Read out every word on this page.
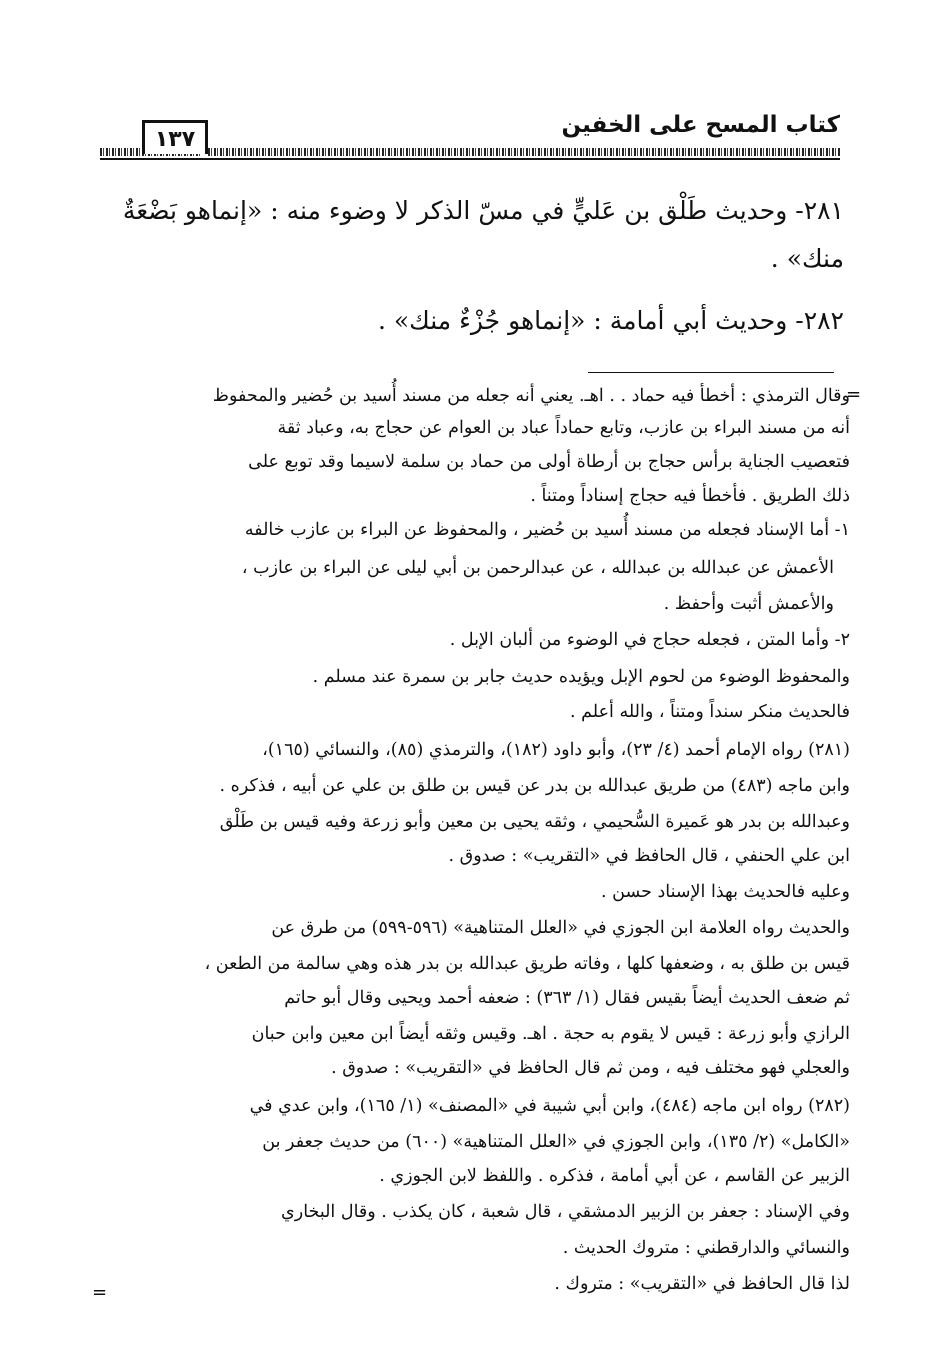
كتاب المسح على الخفين
١٣٧
٢٨١- وحديث طَلْق بن عَليٍّ في مسّ الذكر لا وضوء منه : «إنماهو بَضْعَةٌ
منك» .
٢٨٢- وحديث أبي أمامة : «إنماهو جُزْءٌ منك» .
=
=
وقال الترمذي : أخطأ فيه حماد . . اهـ. يعني أنه جعله من مسند أُسيد بن حُضير والمحفوظ
أنه من مسند البراء بن عازب، وتابع حماداً عباد بن العوام عن حجاج به، وعباد ثقة
فتعصيب الجناية برأس حجاج بن أرطاة أولى من حماد بن سلمة لاسيما وقد توبع على
ذلك الطريق . فأخطأ فيه حجاج إسناداً ومتناً .
١- أما الإسناد فجعله من مسند أُسيد بن حُضير ، والمحفوظ عن البراء بن عازب خالفه
الأعمش عن عبدالله بن عبدالله ، عن عبدالرحمن بن أبي ليلى عن البراء بن عازب ،
والأعمش أثبت وأحفظ .
٢- وأما المتن ، فجعله حجاج في الوضوء من ألبان الإبل .
والمحفوظ الوضوء من لحوم الإبل ويؤيده حديث جابر بن سمرة عند مسلم .
فالحديث منكر سنداً ومتناً ، والله أعلم .
(٢٨١) رواه الإمام أحمد (٤/ ٢٣)، وأبو داود (١٨٢)، والترمذي (٨٥)، والنسائي (١٦٥)،
وابن ماجه (٤٨٣) من طريق عبدالله بن بدر عن قيس بن طلق بن علي عن أبيه ، فذكره .
وعبدالله بن بدر هو عَميرة السُّحيمي ، وثقه يحيى بن معين وأبو زرعة وفيه قيس بن طَلْق
ابن علي الحنفي ، قال الحافظ في «التقريب» : صدوق .
وعليه فالحديث بهذا الإسناد حسن .
والحديث رواه العلامة ابن الجوزي في «العلل المتناهية» (٥٩٦-٥٩٩) من طرق عن
قيس بن طلق به ، وضعفها كلها ، وفاته طريق عبدالله بن بدر هذه وهي سالمة من الطعن ،
ثم ضعف الحديث أيضاً بقيس فقال (١/ ٣٦٣) : ضعفه أحمد ويحيى وقال أبو حاتم
الرازي وأبو زرعة : قيس لا يقوم به حجة . اهـ. وقيس وثقه أيضاً ابن معين وابن حبان
والعجلي فهو مختلف فيه ، ومن ثم قال الحافظ في «التقريب» : صدوق .
(٢٨٢) رواه ابن ماجه (٤٨٤)، وابن أبي شيبة في «المصنف» (١/ ١٦٥)، وابن عدي في
«الكامل» (٢/ ١٣٥)، وابن الجوزي في «العلل المتناهية» (٦٠٠) من حديث جعفر بن
الزبير عن القاسم ، عن أبي أمامة ، فذكره . واللفظ لابن الجوزي .
وفي الإسناد : جعفر بن الزبير الدمشقي ، قال شعبة ، كان يكذب . وقال البخاري
والنسائي والدارقطني : متروك الحديث .
لذا قال الحافظ في «التقريب» : متروك .
